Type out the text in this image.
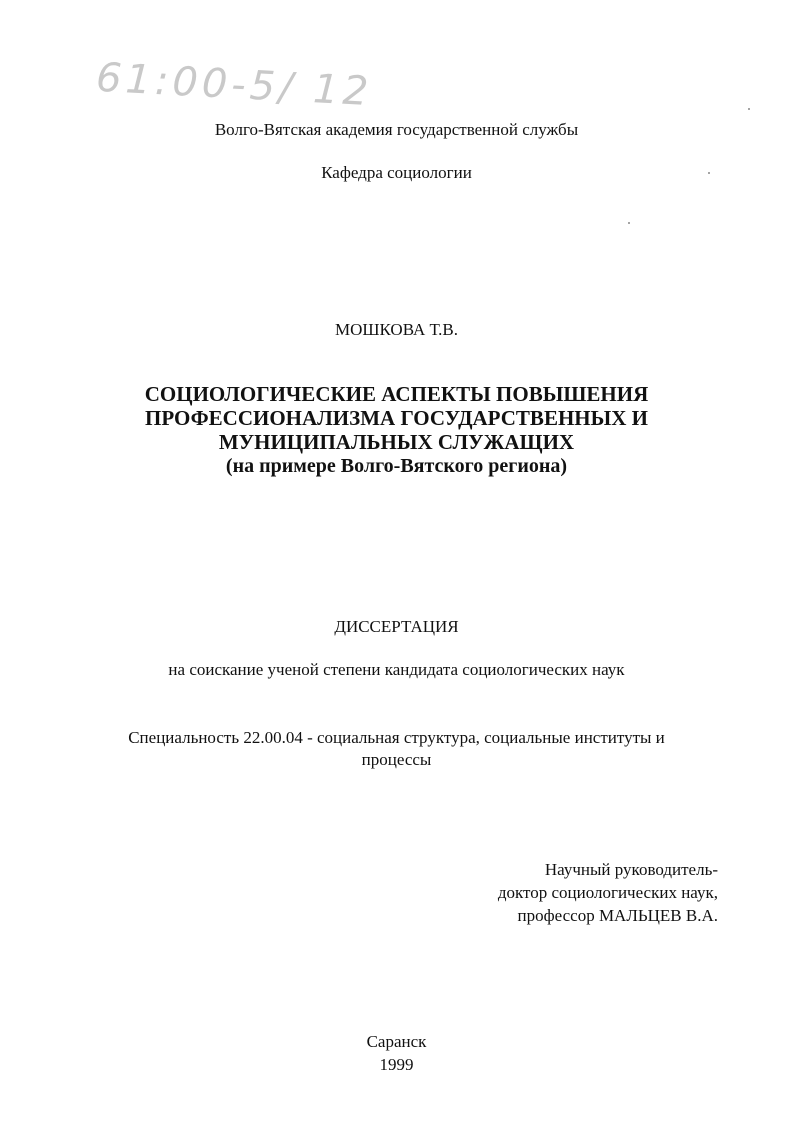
61:00-5/ 12
Волго-Вятская академия государственной службы
Кафедра социологии
МОШКОВА Т.В.
СОЦИОЛОГИЧЕСКИЕ АСПЕКТЫ ПОВЫШЕНИЯ
ПРОФЕССИОНАЛИЗМА ГОСУДАРСТВЕННЫХ И
МУНИЦИПАЛЬНЫХ СЛУЖАЩИХ
(на примере Волго-Вятского региона)
ДИССЕРТАЦИЯ
на соискание ученой степени кандидата социологических наук
Специальность 22.00.04 - социальная структура, социальные институты и
процессы
Научный руководитель-
доктор социологических наук,
профессор МАЛЬЦЕВ В.А.
Саранск
1999
